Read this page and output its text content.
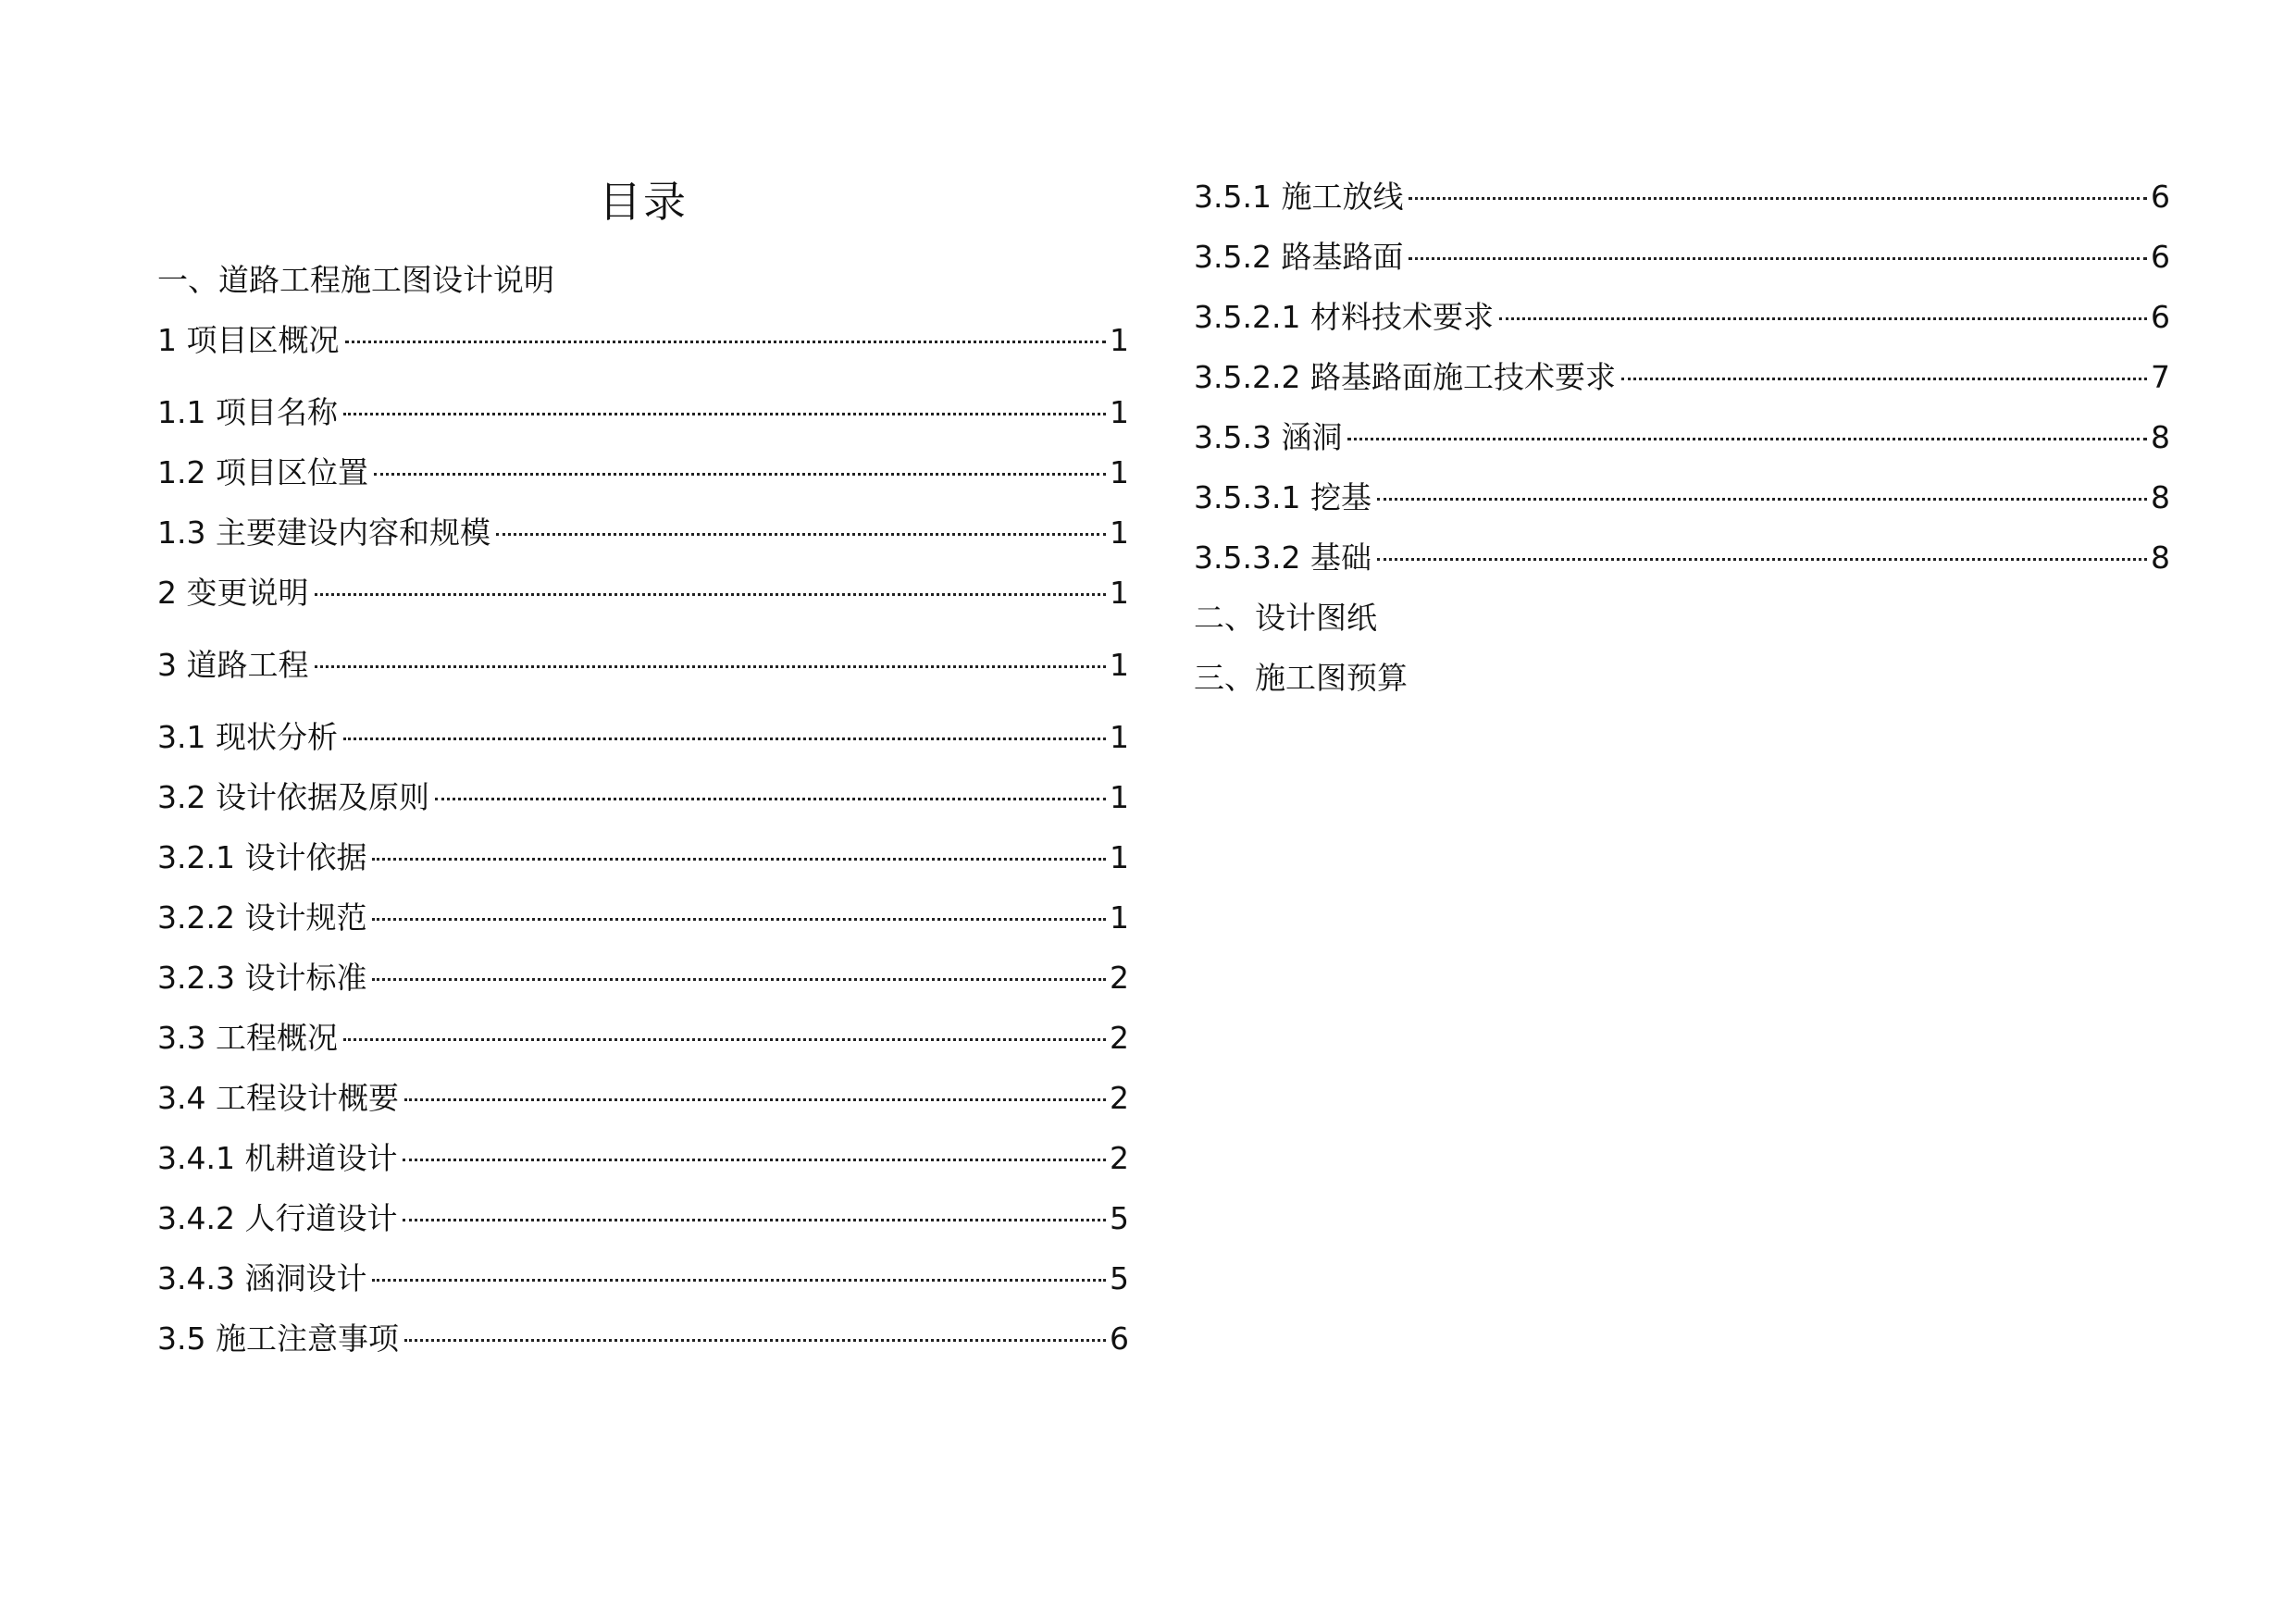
目录
一、道路工程施工图设计说明
1 项目区概况	1
1.1 项目名称	1
1.2 项目区位置	1
1.3 主要建设内容和规模	1
2 变更说明	1
3 道路工程	1
3.1 现状分析	1
3.2 设计依据及原则	1
3.2.1 设计依据	1
3.2.2 设计规范	1
3.2.3 设计标准	2
3.3 工程概况	2
3.4 工程设计概要	2
3.4.1 机耕道设计	2
3.4.2 人行道设计	5
3.4.3 涵洞设计	5
3.5 施工注意事项	6
3.5.1 施工放线	6
3.5.2 路基路面	6
3.5.2.1 材料技术要求	6
3.5.2.2 路基路面施工技术要求	7
3.5.3 涵洞	8
3.5.3.1 挖基	8
3.5.3.2 基础	8
二、设计图纸
三、施工图预算
